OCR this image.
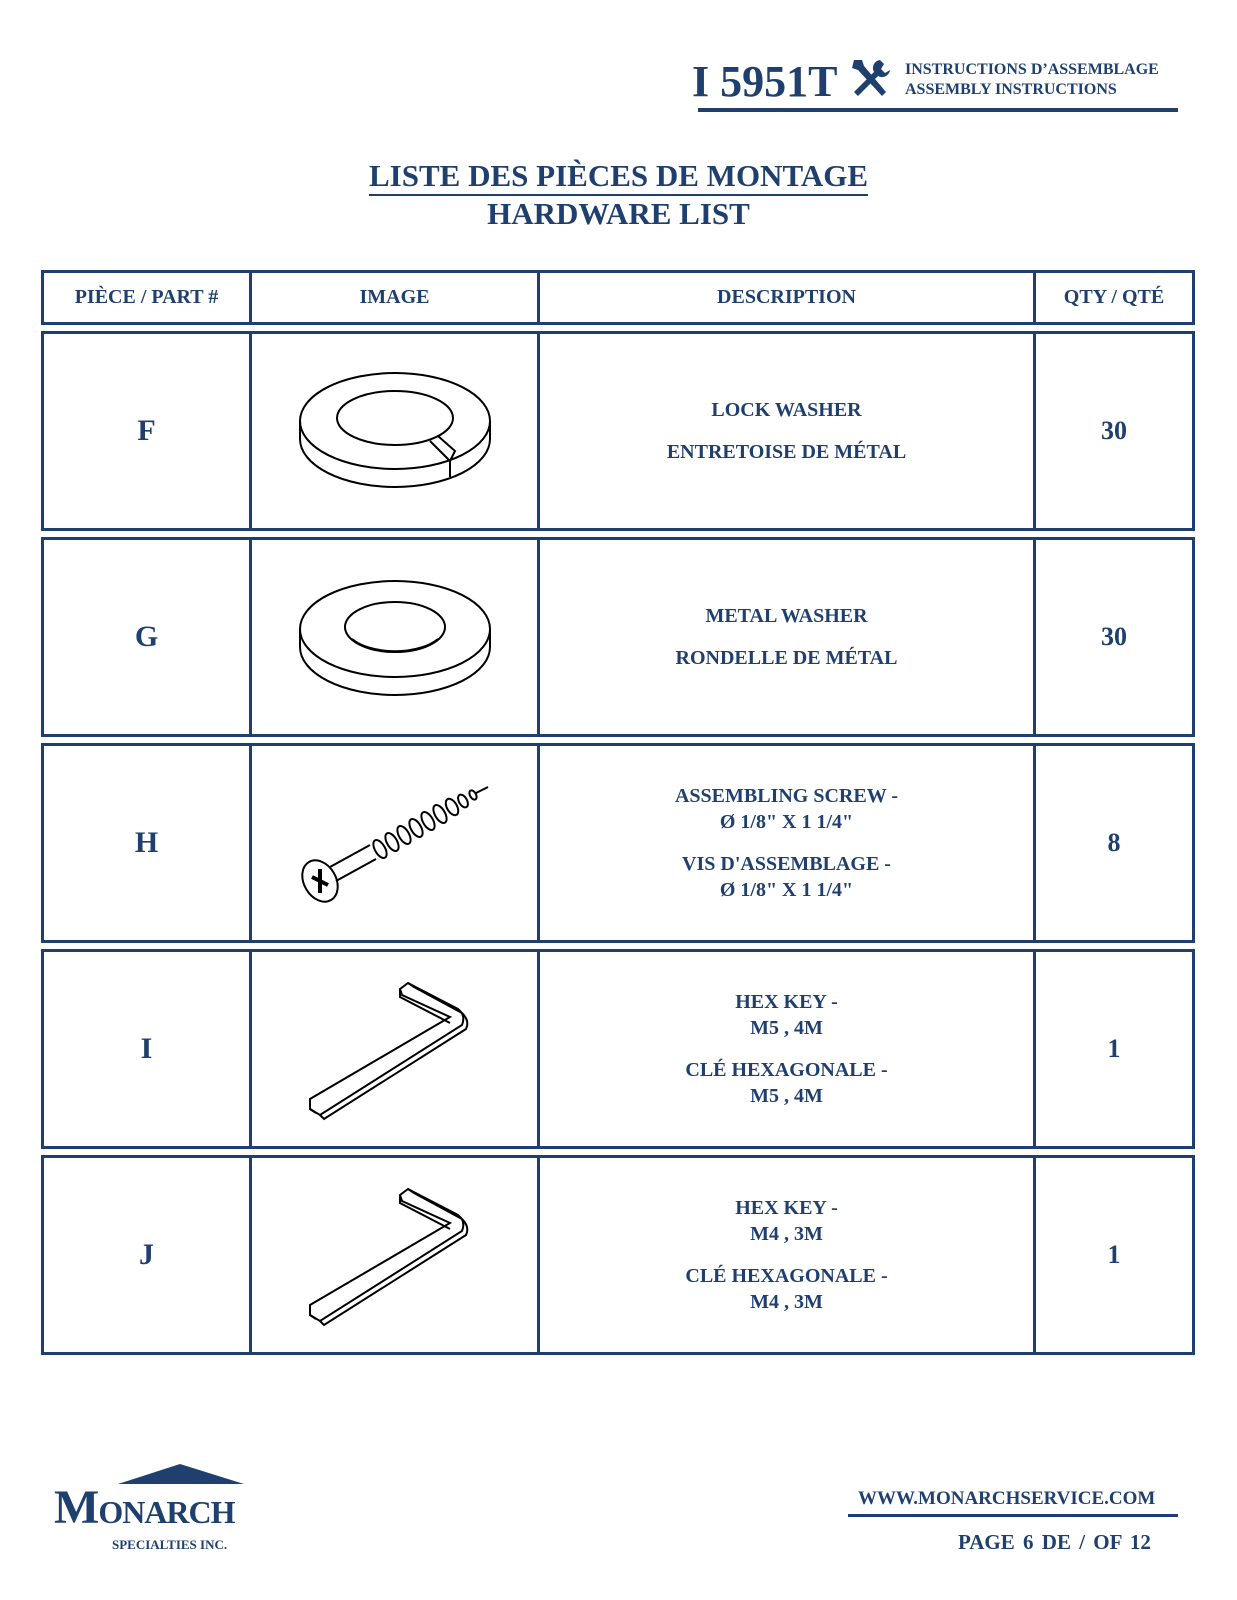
I 5951T	INSTRUCTIONS D’ASSEMBLAGE
ASSEMBLY INSTRUCTIONS
LISTE DES PIÈCES DE MONTAGE
HARDWARE LIST
PIÈCE / PART #	IMAGE	DESCRIPTION	QTY / QTÉ
F		LOCK WASHER
ENTRETOISE DE MÉTAL	30
G		METAL WASHER
RONDELLE DE MÉTAL	30
H		ASSEMBLING SCREW -
Ø 1/8" X 1 1/4"
VIS D'ASSEMBLAGE -
Ø 1/8" X 1 1/4"	8
I		HEX KEY -
M5 , 4M
CLÉ HEXAGONALE -
M5 , 4M	1
J		HEX KEY -
M4 , 3M
CLÉ HEXAGONALE -
M4 , 3M	1
MONARCH
SPECIALTIES INC.
WWW.MONARCHSERVICE.COM
PAGE 6 DE / OF 12
